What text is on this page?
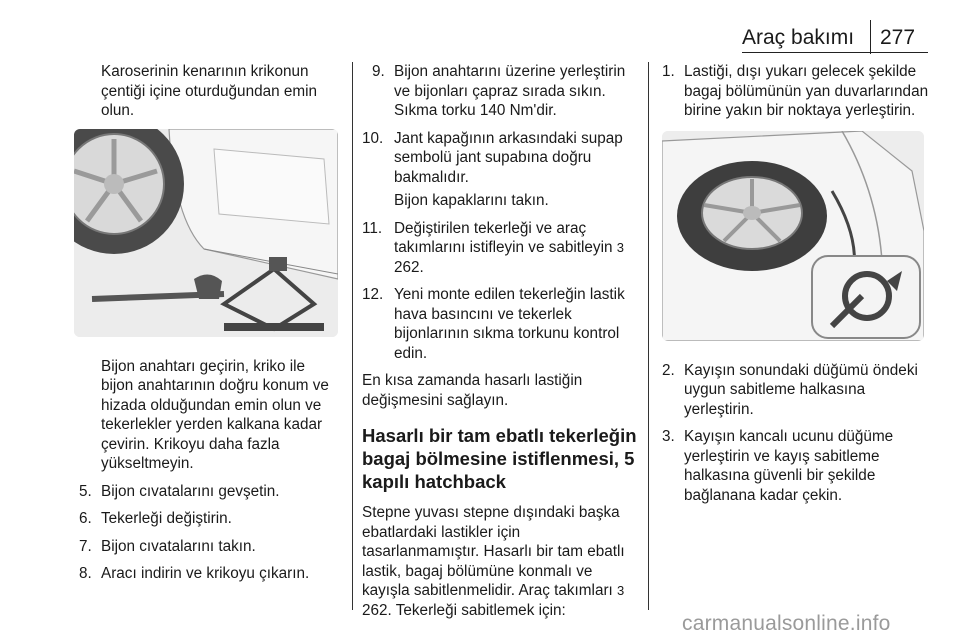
Araç bakımı 277

Karoserinin kenarının krikonun çentiği içine oturduğundan emin olun.

Bijon anahtarı geçirin, kriko ile bijon anahtarının doğru konum ve hizada olduğundan emin olun ve tekerlekler yerden kalkana kadar çevirin. Krikoyu daha fazla yükseltmeyin.

5. Bijon cıvatalarını gevşetin.
6. Tekerleği değiştirin.
7. Bijon cıvatalarını takın.
8. Aracı indirin ve krikoyu çıkarın.
9. Bijon anahtarını üzerine yerleştirin ve bijonları çapraz sırada sıkın. Sıkma torku 140 Nm'dir.
10. Jant kapağının arkasındaki supap sembolü jant supabına doğru bakmalıdır.

Bijon kapaklarını takın.

11. Değiştirilen tekerleği ve araç takımlarını istifleyin ve sabitleyin 3 262.
12. Yeni monte edilen tekerleğin lastik hava basıncını ve tekerlek bijonlarının sıkma torkunu kontrol edin.

En kısa zamanda hasarlı lastiğin değişmesini sağlayın.

Hasarlı bir tam ebatlı tekerleğin bagaj bölmesine istiflenmesi, 5 kapılı hatchback

Stepne yuvası stepne dışındaki başka ebatlardaki lastikler için tasarlanmamıştır. Hasarlı bir tam ebatlı lastik, bagaj bölümüne konmalı ve kayışla sabitlenmelidir. Araç takımları 3 262. Tekerleği sabitlemek için:

1. Lastiği, dışı yukarı gelecek şekilde bagaj bölümünün yan duvarlarından birine yakın bir noktaya yerleştirin.
2. Kayışın sonundaki düğümü öndeki uygun sabitleme halkasına yerleştirin.
3. Kayışın kancalı ucunu düğüme yerleştirin ve kayış sabitleme halkasına güvenli bir şekilde bağlanana kadar çekin.
carmanualsonline.info
